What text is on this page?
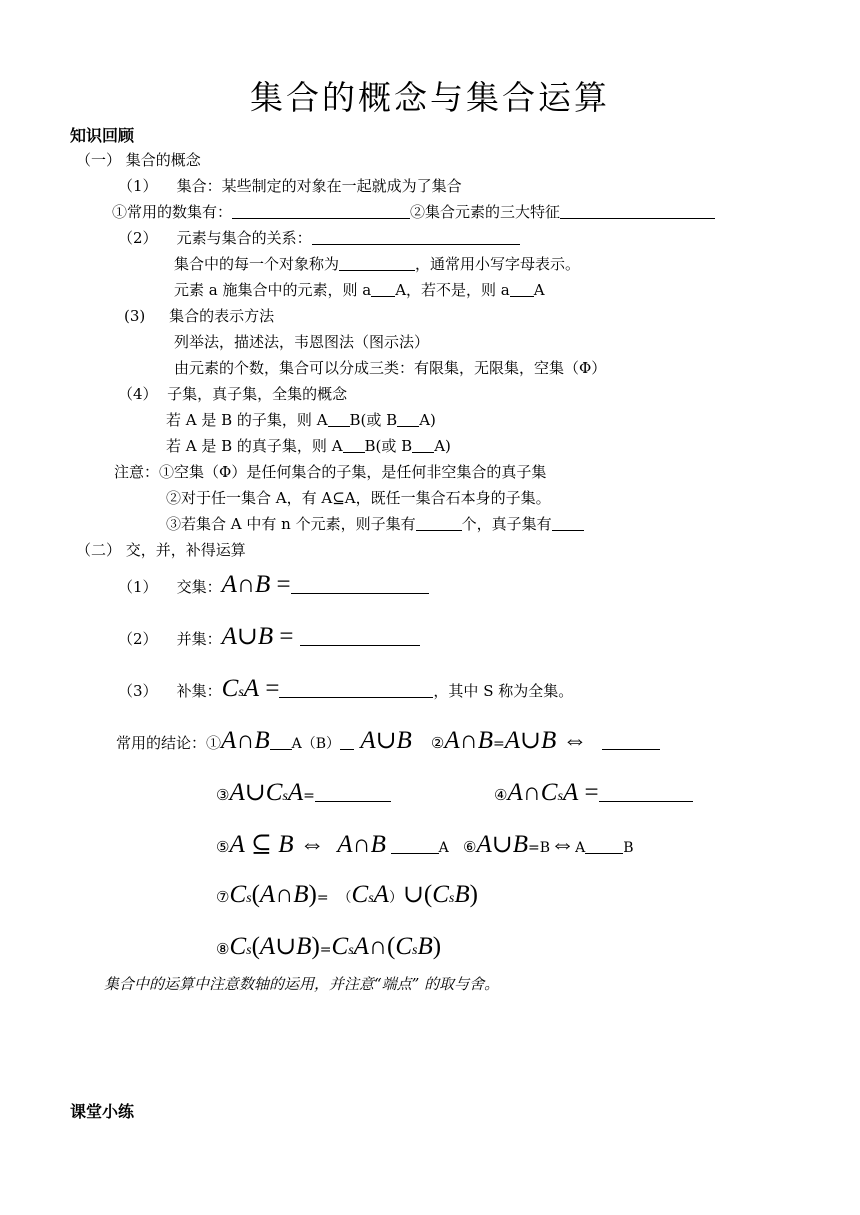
集合的概念与集合运算
知识回顾
（一） 集合的概念
（1） 集合：某些制定的对象在一起就成为了集合
①常用的数集有：	②集合元素的三大特征
（2） 元素与集合的关系：
集合中的每一个对象称为	，通常用小写字母表示。
元素 a 施集合中的元素，则 a A，若不是，则 a A
(3) 集合的表示方法
列举法，描述法，韦恩图法（图示法）
由元素的个数，集合可以分成三类：有限集，无限集，空集（Φ）
（4） 子集，真子集，全集的概念
若 A 是 B 的子集，则 A B(或 B A)
若 A 是 B 的真子集，则 A B(或 B A)
注意：①空集（Φ）是任何集合的子集，是任何非空集合的真子集
②对于任一集合 A，有 A⊆A，既任一集合石本身的子集。
③若集合 A 中有 n 个元素，则子集有	个，真子集有
（二） 交，并，补得运算
（1） 交集：A∩B =
（2） 并集：A∪B =
（3） 补集：CsA =	，其中 S 称为全集。
常用的结论：①A∩B A（B） A∪B    ②A∩B=A∪B ⇔
③A∪CsA=	④A∩CsA =
⑤A ⊆ B ⇔  A∩B	A   ⑥A∪B=B⇔A	B
⑦Cs(A∩B)=  （CsA）∪(CsB)
⑧Cs(A∪B)=CsA∩(CsB)
集合中的运算中注意数轴的运用，并注意“端点” 的取与舍。
课堂小练
